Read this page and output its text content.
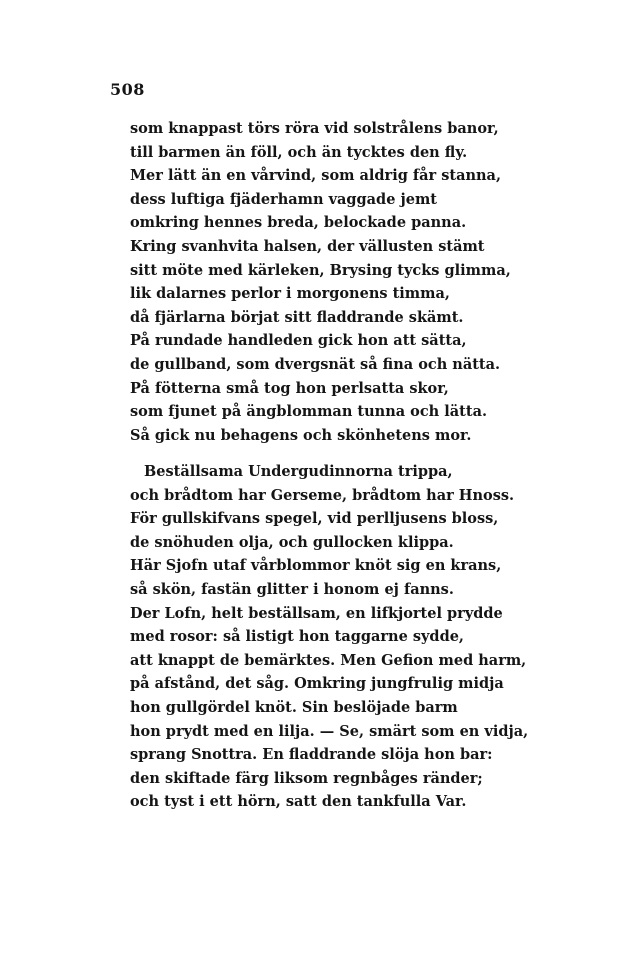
508
som knappast törs röra vid solstrålens banor,
till barmen än föll, och än tycktes den fly.
Mer lätt än en vårvind, som aldrig får stanna,
dess luftiga fjäderhamn vaggade jemt
omkring hennes breda, belockade panna.
Kring svanhvita halsen, der vällusten stämt
sitt möte med kärleken, Brysing tycks glimma,
lik dalarnes perlor i morgonens timma,
då fjärlarna börjat sitt fladdrande skämt.
På rundade handleden gick hon att sätta,
de gullband, som dvergsnät så fina och nätta.
På fötterna små tog hon perlsatta skor,
som fjunet på ängblomman tunna och lätta.
Så gick nu behagens och skönhetens mor.
Beställsama Undergudinnorna trippa,
och brådtom har Gerseme, brådtom har Hnoss.
För gullskifvans spegel, vid perlljusens bloss,
de snöhuden olja, och gullocken klippa.
Här Sjofn utaf vårblommor knöt sig en krans,
så skön, fastän glitter i honom ej fanns.
Der Lofn, helt beställsam, en lifkjortel prydde
med rosor: så listigt hon taggarne sydde,
att knappt de bemärktes. Men Gefion med harm,
på afstånd, det såg. Omkring jungfrulig midja
hon gullgördel knöt. Sin beslöjade barm
hon prydt med en lilja. — Se, smärt som en vidja,
sprang Snottra. En fladdrande slöja hon bar:
den skiftade färg liksom regnbåges ränder;
och tyst i ett hörn, satt den tankfulla Var.
